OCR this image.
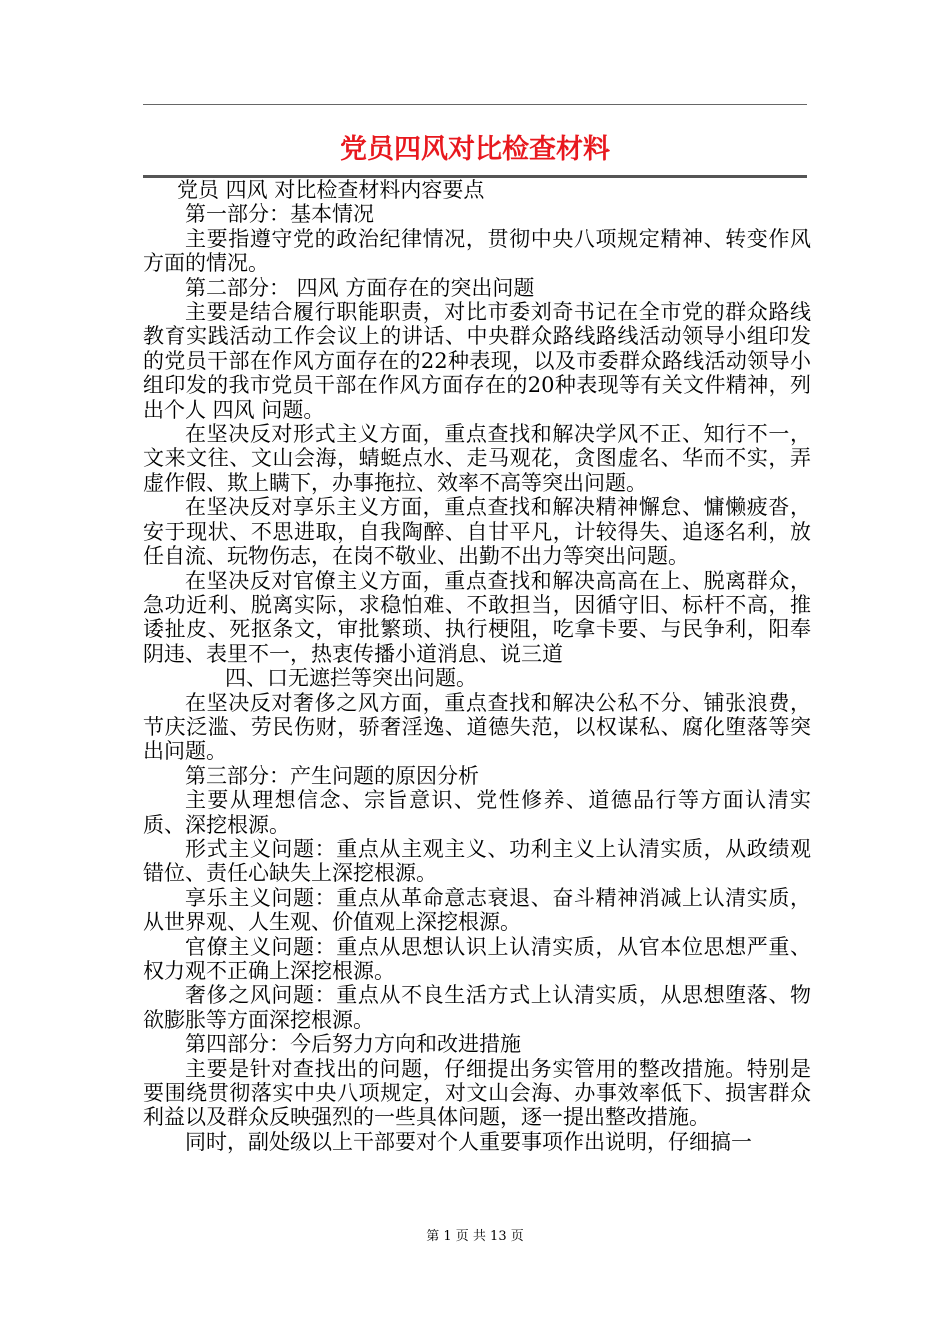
党员四风对比检查材料

党员 四风 对比检查材料内容要点

第一部分：基本情况

主要指遵守党的政治纪律情况，贯彻中央八项规定精神、转变作风方面的情况。

第二部分： 四风 方面存在的突出问题

主要是结合履行职能职责，对比市委刘奇书记在全市党的群众路线教育实践活动工作会议上的讲话、中央群众路线路线活动领导小组印发的党员干部在作风方面存在的22种表现，以及市委群众路线活动领导小组印发的我市党员干部在作风方面存在的20种表现等有关文件精神，列出个人 四风 问题。

在坚决反对形式主义方面，重点查找和解决学风不正、知行不一，文来文往、文山会海，蜻蜓点水、走马观花，贪图虚名、华而不实，弄虚作假、欺上瞒下，办事拖拉、效率不高等突出问题。

在坚决反对享乐主义方面，重点查找和解决精神懈怠、慵懒疲沓，安于现状、不思进取，自我陶醉、自甘平凡，计较得失、追逐名利，放任自流、玩物伤志，在岗不敬业、出勤不出力等突出问题。

在坚决反对官僚主义方面，重点查找和解决高高在上、脱离群众，急功近利、脱离实际，求稳怕难、不敢担当，因循守旧、标杆不高，推诿扯皮、死抠条文，审批繁琐、执行梗阻，吃拿卡要、与民争利，阳奉阴违、表里不一，热衷传播小道消息、说三道

四、口无遮拦等突出问题。

在坚决反对奢侈之风方面，重点查找和解决公私不分、铺张浪费，节庆泛滥、劳民伤财，骄奢淫逸、道德失范，以权谋私、腐化堕落等突出问题。

第三部分：产生问题的原因分析

主要从理想信念、宗旨意识、党性修养、道德品行等方面认清实质、深挖根源。

形式主义问题：重点从主观主义、功利主义上认清实质，从政绩观错位、责任心缺失上深挖根源。

享乐主义问题：重点从革命意志衰退、奋斗精神消减上认清实质，从世界观、人生观、价值观上深挖根源。

官僚主义问题：重点从思想认识上认清实质，从官本位思想严重、权力观不正确上深挖根源。

奢侈之风问题：重点从不良生活方式上认清实质，从思想堕落、物欲膨胀等方面深挖根源。

第四部分：今后努力方向和改进措施

主要是针对查找出的问题，仔细提出务实管用的整改措施。特别是要围绕贯彻落实中央八项规定，对文山会海、办事效率低下、损害群众利益以及群众反映强烈的一些具体问题，逐一提出整改措施。

同时，副处级以上干部要对个人重要事项作出说明，仔细搞一

第 1 页 共 13 页
